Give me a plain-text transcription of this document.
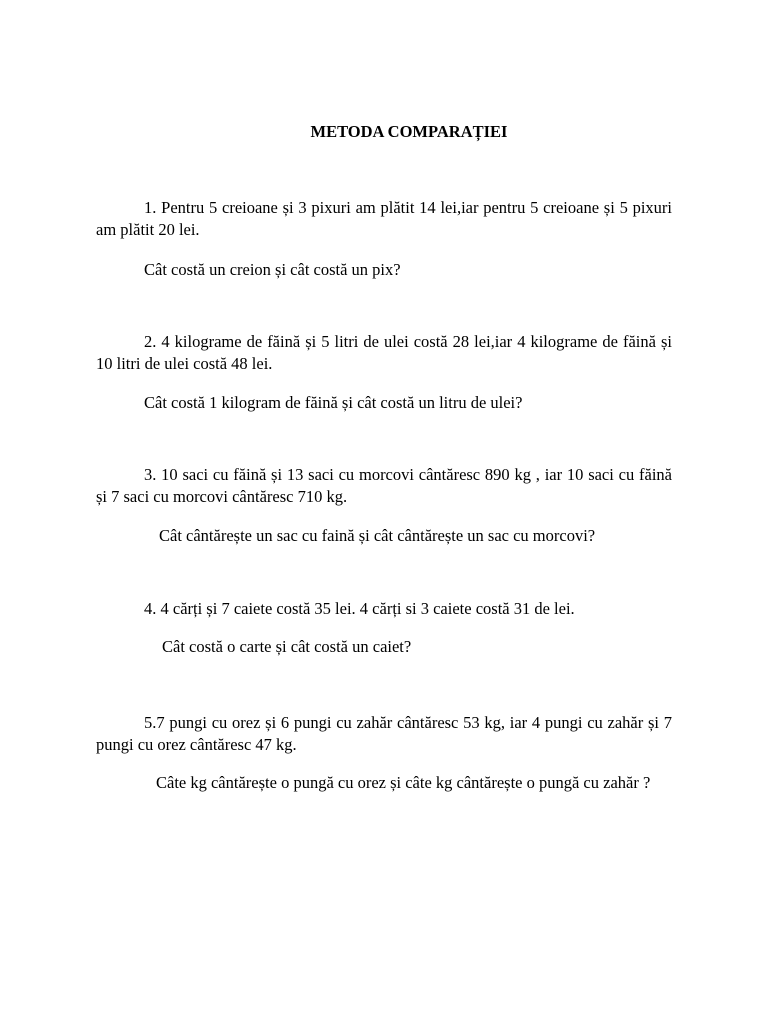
METODA COMPARAȚIEI
1. Pentru 5 creioane și 3 pixuri am plătit 14 lei,iar pentru 5 creioane și 5 pixuri am plătit 20 lei.
Cât costă un creion și cât costă un pix?
2. 4 kilograme de făină și 5 litri de ulei costă 28 lei,iar 4 kilograme de făină și 10 litri de ulei costă 48 lei.
Cât costă 1 kilogram de făină și cât costă un litru de ulei?
3. 10 saci cu făină și 13 saci cu morcovi cântăresc 890 kg , iar 10 saci cu făină și 7 saci cu morcovi cântăresc 710 kg.
Cât cântărește un sac cu faină și cât cântărește un sac cu morcovi?
4. 4 cărți și 7 caiete costă 35 lei. 4 cărți si 3 caiete costă 31 de lei.
Cât costă o carte și cât costă un caiet?
5.7 pungi cu orez și 6 pungi cu zahăr cântăresc 53 kg, iar 4 pungi cu zahăr și 7 pungi cu orez cântăresc 47 kg.
Câte kg cântărește o pungă cu orez și câte kg cântărește o pungă cu zahăr ?
